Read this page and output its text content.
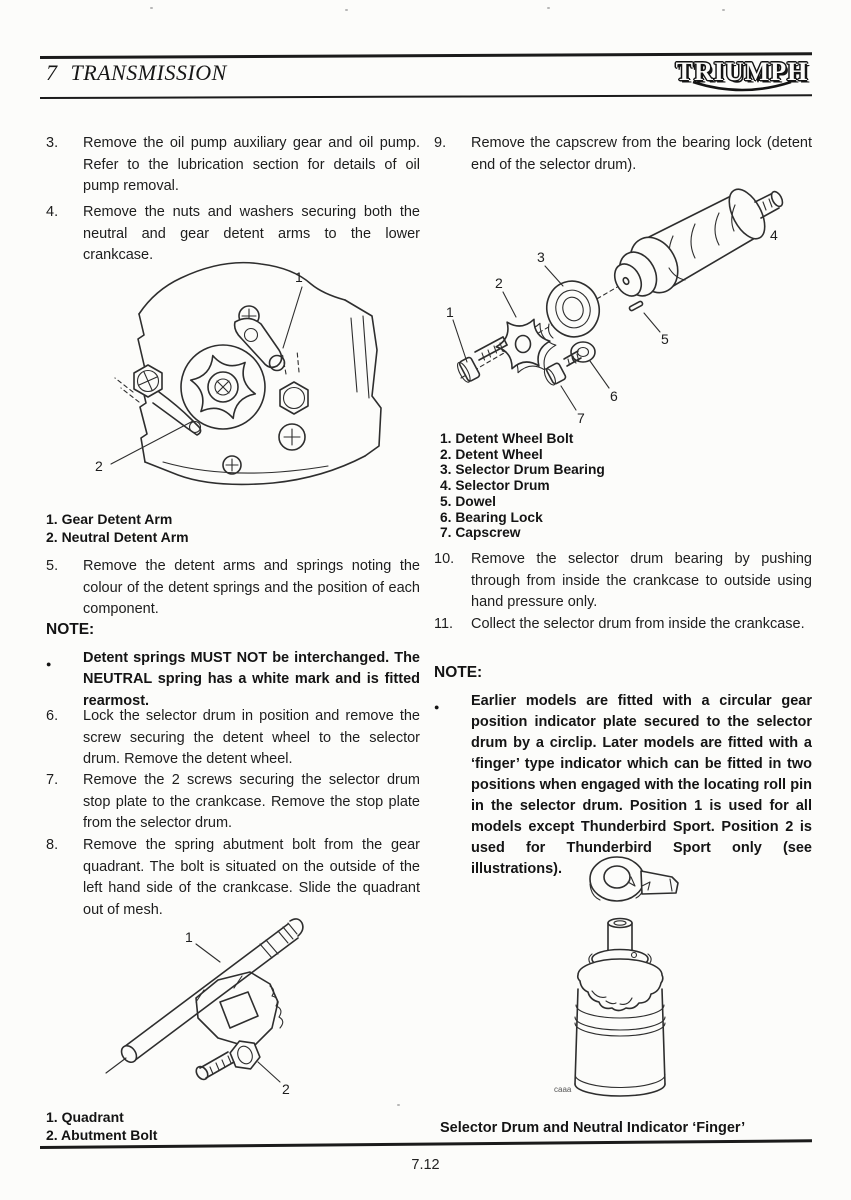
7 TRANSMISSION	TRIUMPH
3.	Remove the oil pump auxiliary gear and oil pump. Refer to the lubrication section for details of oil pump removal.
4.	Remove the nuts and washers securing both the neutral and gear detent arms to the lower crankcase.
1
2
1. Gear Detent Arm
2. Neutral Detent Arm
5.	Remove the detent arms and springs noting the colour of the detent springs and the position of each component.
NOTE:
●	Detent springs MUST NOT be interchanged. The NEUTRAL spring has a white mark and is fitted rearmost.
6.	Lock the selector drum in position and remove the screw securing the detent wheel to the selector drum. Remove the detent wheel.
7.	Remove the 2 screws securing the selector drum stop plate to the crankcase. Remove the stop plate from the selector drum.
8.	Remove the spring abutment bolt from the gear quadrant. The bolt is situated on the outside of the left hand side of the crankcase. Slide the quadrant out of mesh.
1
2
1. Quadrant
2. Abutment Bolt
9.	Remove the capscrew from the bearing lock (detent end of the selector drum).
1
2
3
4
5
6
7
1. Detent Wheel Bolt
2. Detent Wheel
3. Selector Drum Bearing
4. Selector Drum
5. Dowel
6. Bearing Lock
7. Capscrew
10.	Remove the selector drum bearing by pushing through from inside the crankcase to outside using hand pressure only.
11.	Collect the selector drum from inside the crankcase.
NOTE:
●	Earlier models are fitted with a circular gear position indicator plate secured to the selector drum by a circlip. Later models are fitted with a ‘finger’ type indicator which can be fitted in two positions when engaged with the locating roll pin in the selector drum. Position 1 is used for all models except Thunderbird Sport. Position 2 is used for Thunderbird Sport only (see illustrations).
caaa
Selector Drum and Neutral Indicator ‘Finger’
7.12
